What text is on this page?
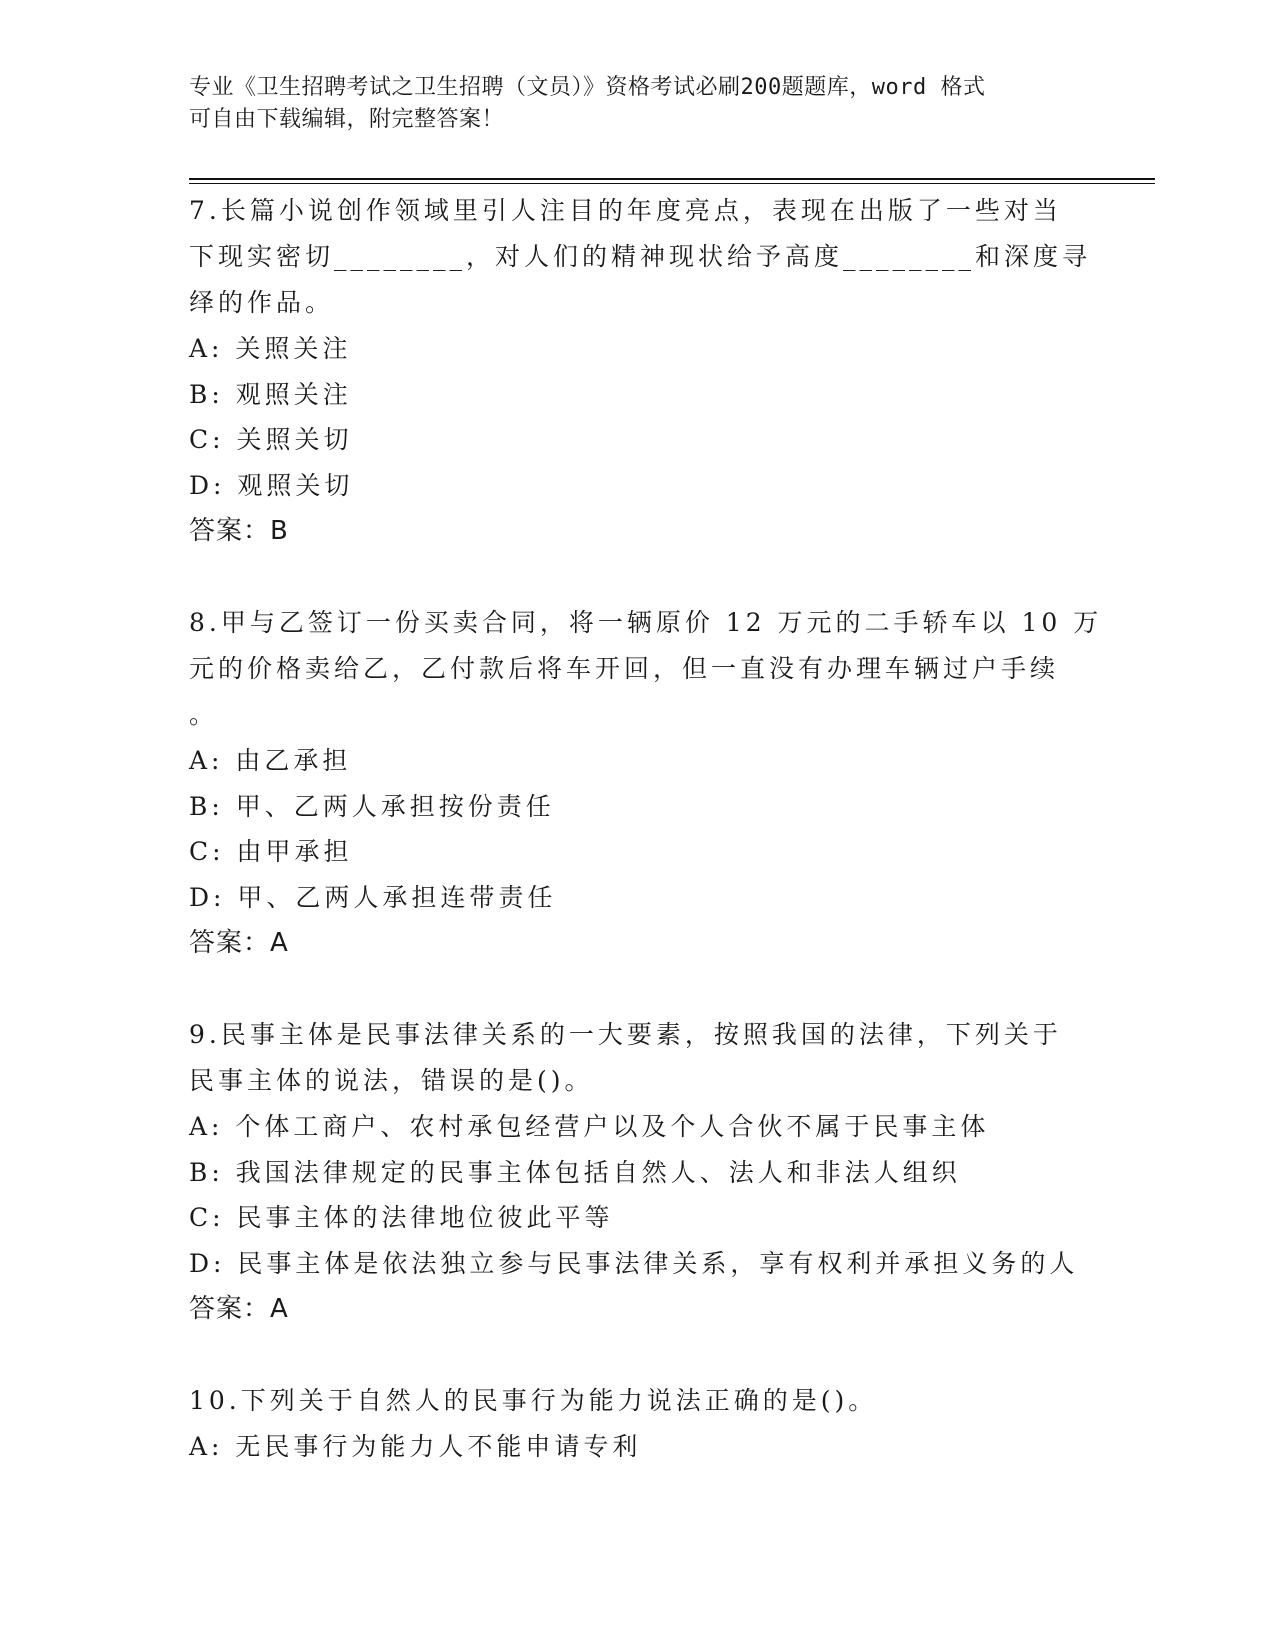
专业《卫生招聘考试之卫生招聘（文员）》资格考试必刷200题题库，word 格式
可自由下载编辑，附完整答案！
7.长篇小说创作领域里引人注目的年度亮点，表现在出版了一些对当
下现实密切________，对人们的精神现状给予高度________和深度寻
绎的作品。
A: 关照关注
B: 观照关注
C: 关照关切
D: 观照关切
答案：B
8.甲与乙签订一份买卖合同，将一辆原价 12 万元的二手轿车以 10 万
元的价格卖给乙，乙付款后将车开回，但一直没有办理车辆过户手续
。
A: 由乙承担
B: 甲、乙两人承担按份责任
C: 由甲承担
D: 甲、乙两人承担连带责任
答案：A
9.民事主体是民事法律关系的一大要素，按照我国的法律，下列关于
民事主体的说法，错误的是()。
A: 个体工商户、农村承包经营户以及个人合伙不属于民事主体
B: 我国法律规定的民事主体包括自然人、法人和非法人组织
C: 民事主体的法律地位彼此平等
D: 民事主体是依法独立参与民事法律关系，享有权利并承担义务的人
答案：A
10.下列关于自然人的民事行为能力说法正确的是()。
A: 无民事行为能力人不能申请专利
